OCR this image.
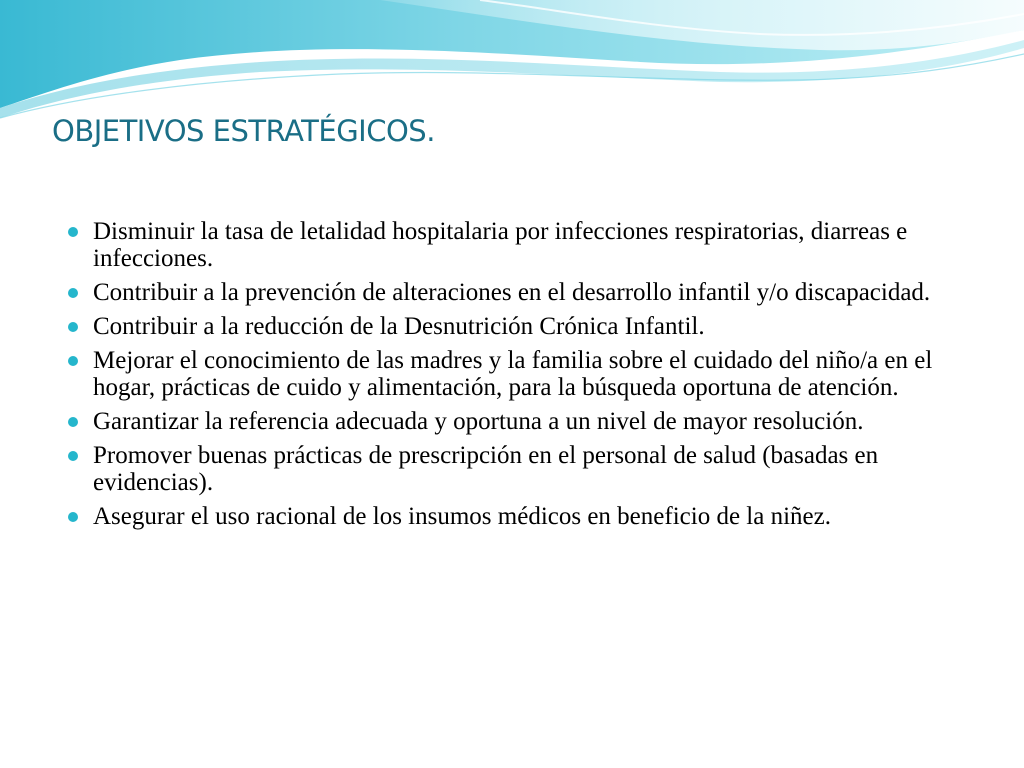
OBJETIVOS ESTRATÉGICOS.
Disminuir la tasa de letalidad hospitalaria por infecciones respiratorias, diarreas e infecciones.
Contribuir a la prevención de alteraciones en el desarrollo infantil y/o discapacidad.
Contribuir a la reducción de la Desnutrición Crónica Infantil.
Mejorar el conocimiento de las madres y la familia sobre el cuidado del niño/a en el hogar, prácticas de cuido y alimentación, para la búsqueda oportuna de atención.
Garantizar la referencia adecuada y oportuna a un nivel de mayor resolución.
Promover buenas prácticas de prescripción en el personal de salud (basadas en evidencias).
Asegurar el uso racional de los insumos médicos en beneficio de la niñez.
